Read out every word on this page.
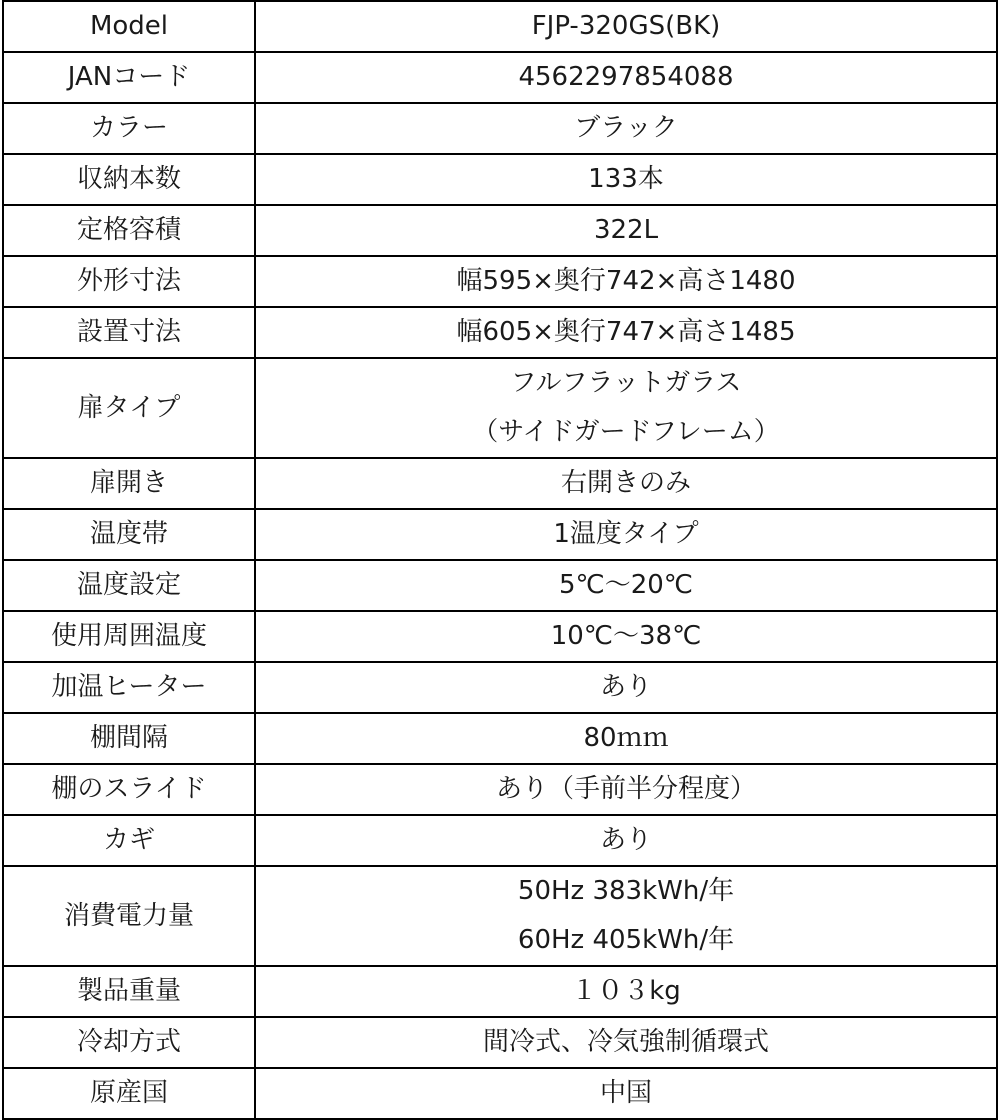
Model	FJP-320GS(BK)

JANコード	4562297854088

カラー	ブラック

収納本数	133本

定格容積	322L

外形寸法	幅595×奥行742×高さ1480

設置寸法	幅605×奥行747×高さ1485

扉タイプ	フルフラットガラス
（サイドガードフレーム）

扉開き	右開きのみ

温度帯	1温度タイプ

温度設定	5℃～20℃

使用周囲温度	10℃～38℃

加温ヒーター	あり

棚間隔	80ｍｍ

棚のスライド	あり（手前半分程度）

カギ	あり

消費電力量	50Hz 383kWh/年
60Hz 405kWh/年

製品重量	１０３kg

冷却方式	間冷式、冷気強制循環式

原産国	中国
